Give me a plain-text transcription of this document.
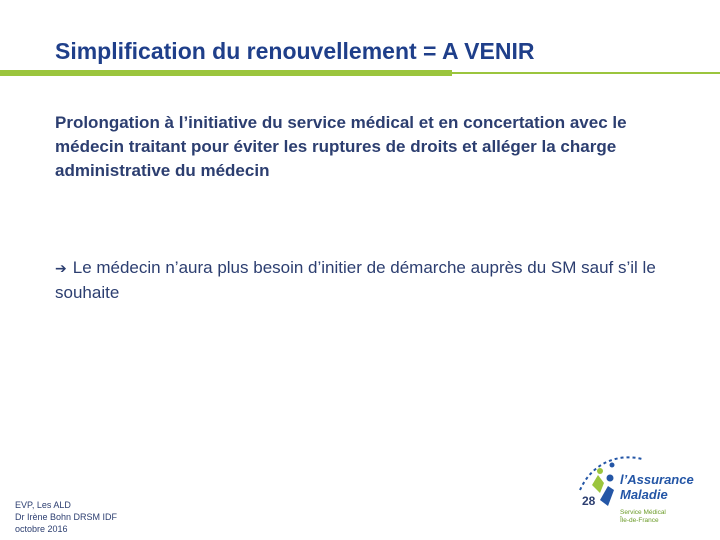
Simplification du renouvellement = A VENIR
Prolongation à l’initiative du service médical et en concertation avec le médecin traitant pour éviter les ruptures de droits et alléger la charge administrative du médecin
➔ Le médecin n’aura plus besoin d’initier de démarche auprès du SM sauf s’il le souhaite
EVP, Les ALD
Dr Irène Bohn DRSM IDF
octobre 2016
l’Assurance
Maladie
Service Médical
Île-de-France
28
